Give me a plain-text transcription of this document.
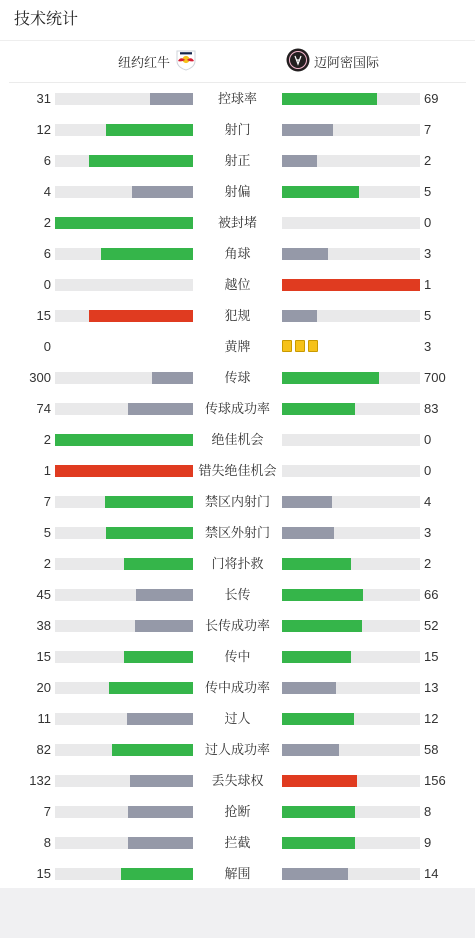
技术统计
纽约红牛	迈阿密国际
31	控球率	69
12	射门	7
6	射正	2
4	射偏	5
2	被封堵	0
6	角球	3
0	越位	1
15	犯规	5
0	黄牌	3
300	传球	700
74	传球成功率	83
2	绝佳机会	0
1	错失绝佳机会	0
7	禁区内射门	4
5	禁区外射门	3
2	门将扑救	2
45	长传	66
38	长传成功率	52
15	传中	15
20	传中成功率	13
11	过人	12
82	过人成功率	58
132	丢失球权	156
7	抢断	8
8	拦截	9
15	解围	14
